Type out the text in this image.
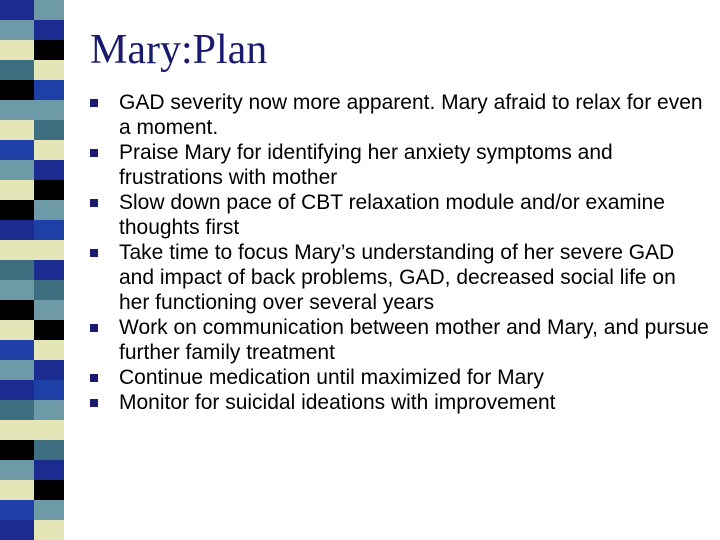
Mary:Plan
GAD severity now more apparent. Mary afraid to relax for even a moment.
Praise Mary for identifying her anxiety symptoms and frustrations with mother
Slow down pace of CBT relaxation module and/or examine thoughts first
Take time to focus Mary’s understanding of her severe GAD and impact of back problems, GAD, decreased social life on her functioning over several years
Work on communication between mother and Mary, and pursue further family treatment
Continue medication until maximized for Mary
Monitor for suicidal ideations with improvement
